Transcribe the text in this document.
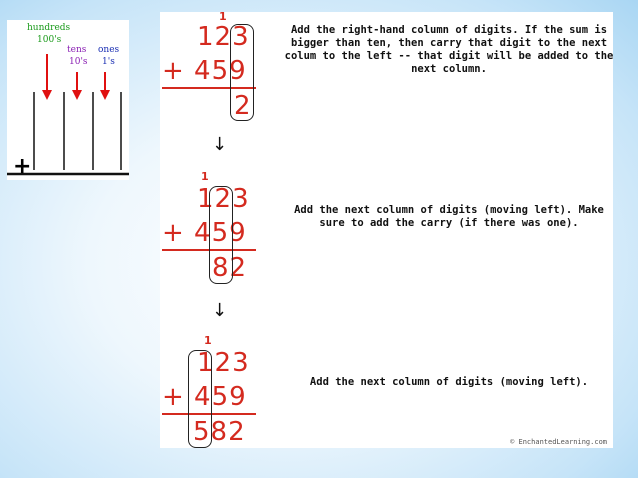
hundreds
100's
tens
10's
ones
1's
+
1
123
+ 459
2
Add the right-hand column of digits. If the sum is bigger than ten, then carry that digit to the next colum to the left -- that digit will be added to the next column.
↓
1
123
+ 459
82
Add the next column of digits (moving left). Make sure to add the carry (if there was one).
↓
1
123
+ 459
582
Add the next column of digits (moving left).
© EnchantedLearning.com
